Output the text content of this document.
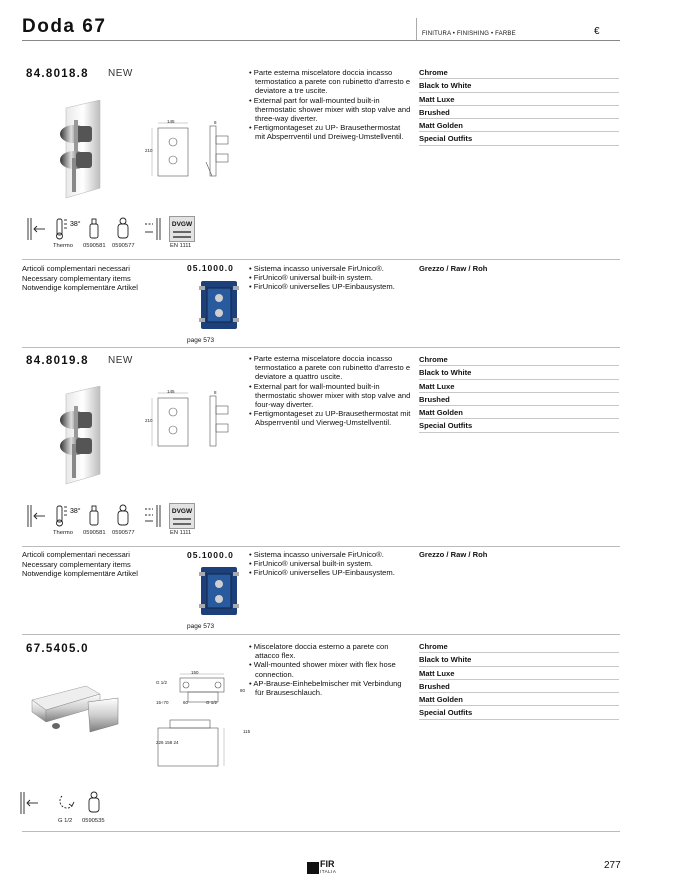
Doda 67	FINITURA • FINISHING • FARBE	€
84.8018.8 NEW
145
210
8
• Parte esterna miscelatore doccia incasso termostatico a parete con rubinetto d'arresto e deviatore a tre uscite.
• External part for wall-mounted built-in thermostatic shower mixer with stop valve and three-way diverter.
• Fertigmontageset zu UP- Brausethermostat mit Absperrventil und Dreiweg-Umstellventil.
Chrome
Black to White
Matt Luxe
Brushed
Matt Golden
Special Outfits
38°	DVGW
Thermo 0590581 0590577	EN 1111
Articoli complementari necessari
Necessary complementary items
Notwendige komplementäre Artikel
05.1000.0
page 573
• Sistema incasso universale FirUnico®.
• FirUnico® universal built-in system.
• FirUnico® universelles UP-Einbausystem.
Grezzo / Raw / Roh
84.8019.8 NEW
145
210
8
• Parte esterna miscelatore doccia incasso termostatico a parete con rubinetto d'arresto e deviatore a quattro uscite.
• External part for wall-mounted built-in thermostatic shower mixer with stop valve and four-way diverter.
• Fertigmontageset zu UP-Brausethermostat mit Absperrventil und Vierweg-Umstellventil.
Chrome
Black to White
Matt Luxe
Brushed
Matt Golden
Special Outfits
38°	DVGW
Thermo 0590581 0590577	EN 1111
Articoli complementari necessari
Necessary complementary items
Notwendige komplementäre Artikel
05.1000.0
page 573
• Sistema incasso universale FirUnico®.
• FirUnico® universal built-in system.
• FirUnico® universelles UP-Einbausystem.
Grezzo / Raw / Roh
67.5405.0
150
G 1/2
80
15÷70	60	G 1/2
115
226 158 24
• Miscelatore doccia esterno a parete con attacco flex.
• Wall-mounted shower mixer with flex hose connection.
• AP-Brause-Einhebelmischer mit Verbindung für Brauseschlauch.
Chrome
Black to White
Matt Luxe
Brushed
Matt Golden
Special Outfits
G 1/2 0590535
FIR
ITALIA
277
